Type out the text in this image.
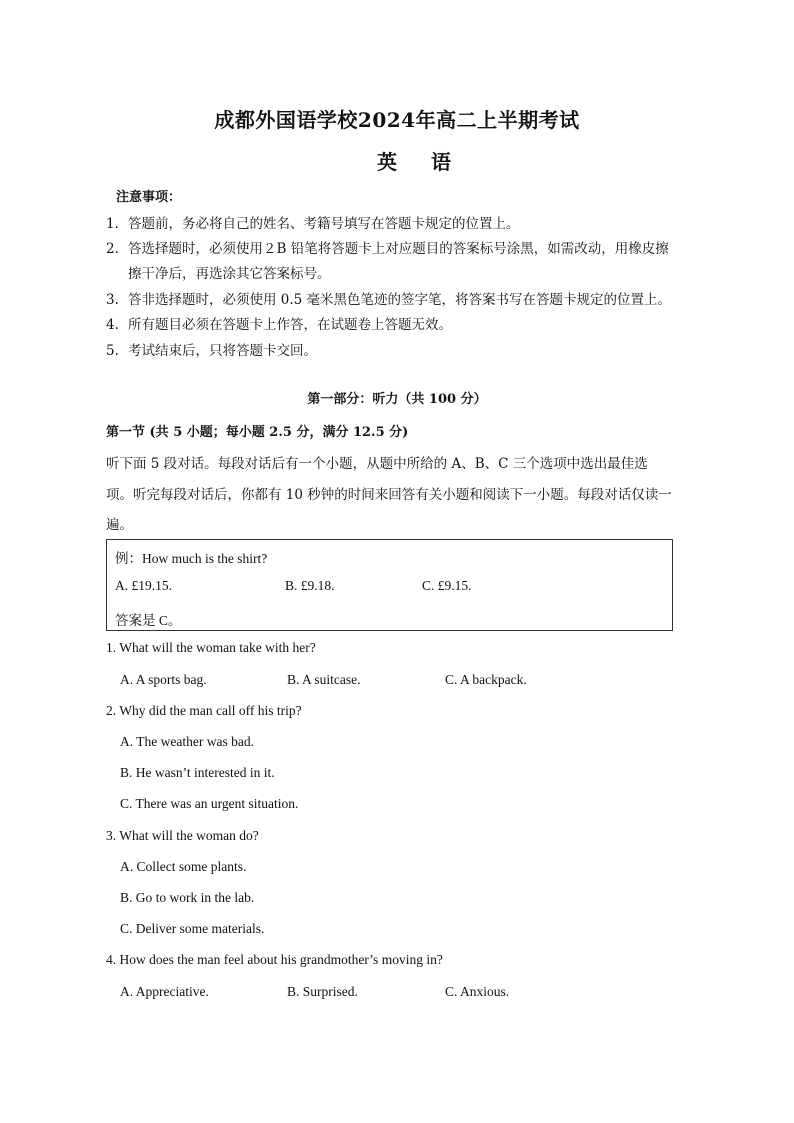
成都外国语学校2024年高二上半期考试
英语
注意事项：
1. 答题前，务必将自己的姓名、考籍号填写在答题卡规定的位置上。
2. 答选择题时，必须使用２B 铅笔将答题卡上对应题目的答案标号涂黑，如需改动，用橡皮擦
擦干净后，再选涂其它答案标号。
3. 答非选择题时，必须使用 0.5 毫米黑色笔迹的签字笔，将答案书写在答题卡规定的位置上。
4. 所有题目必须在答题卡上作答，在试题卷上答题无效。
5. 考试结束后，只将答题卡交回。
第一部分：听力（共 100 分）
第一节 (共 5 小题；每小题 2.5 分，满分 12.5 分)
听下面 5 段对话。每段对话后有一个小题，从题中所给的 A、B、C 三个选项中选出最佳选
项。听完每段对话后，你都有 10 秒钟的时间来回答有关小题和阅读下一小题。每段对话仅读一
遍。
例：How much is the shirt?
A. £19.15.	B. £9.18.	C. £9.15.
答案是 C。
1. What will the woman take with her?
A. A sports bag.	B. A suitcase.	C. A backpack.
2. Why did the man call off his trip?
A. The weather was bad.
B. He wasn’t interested in it.
C. There was an urgent situation.
3. What will the woman do?
A. Collect some plants.
B. Go to work in the lab.
C. Deliver some materials.
4. How does the man feel about his grandmother’s moving in?
A. Appreciative.	B. Surprised.	C. Anxious.
